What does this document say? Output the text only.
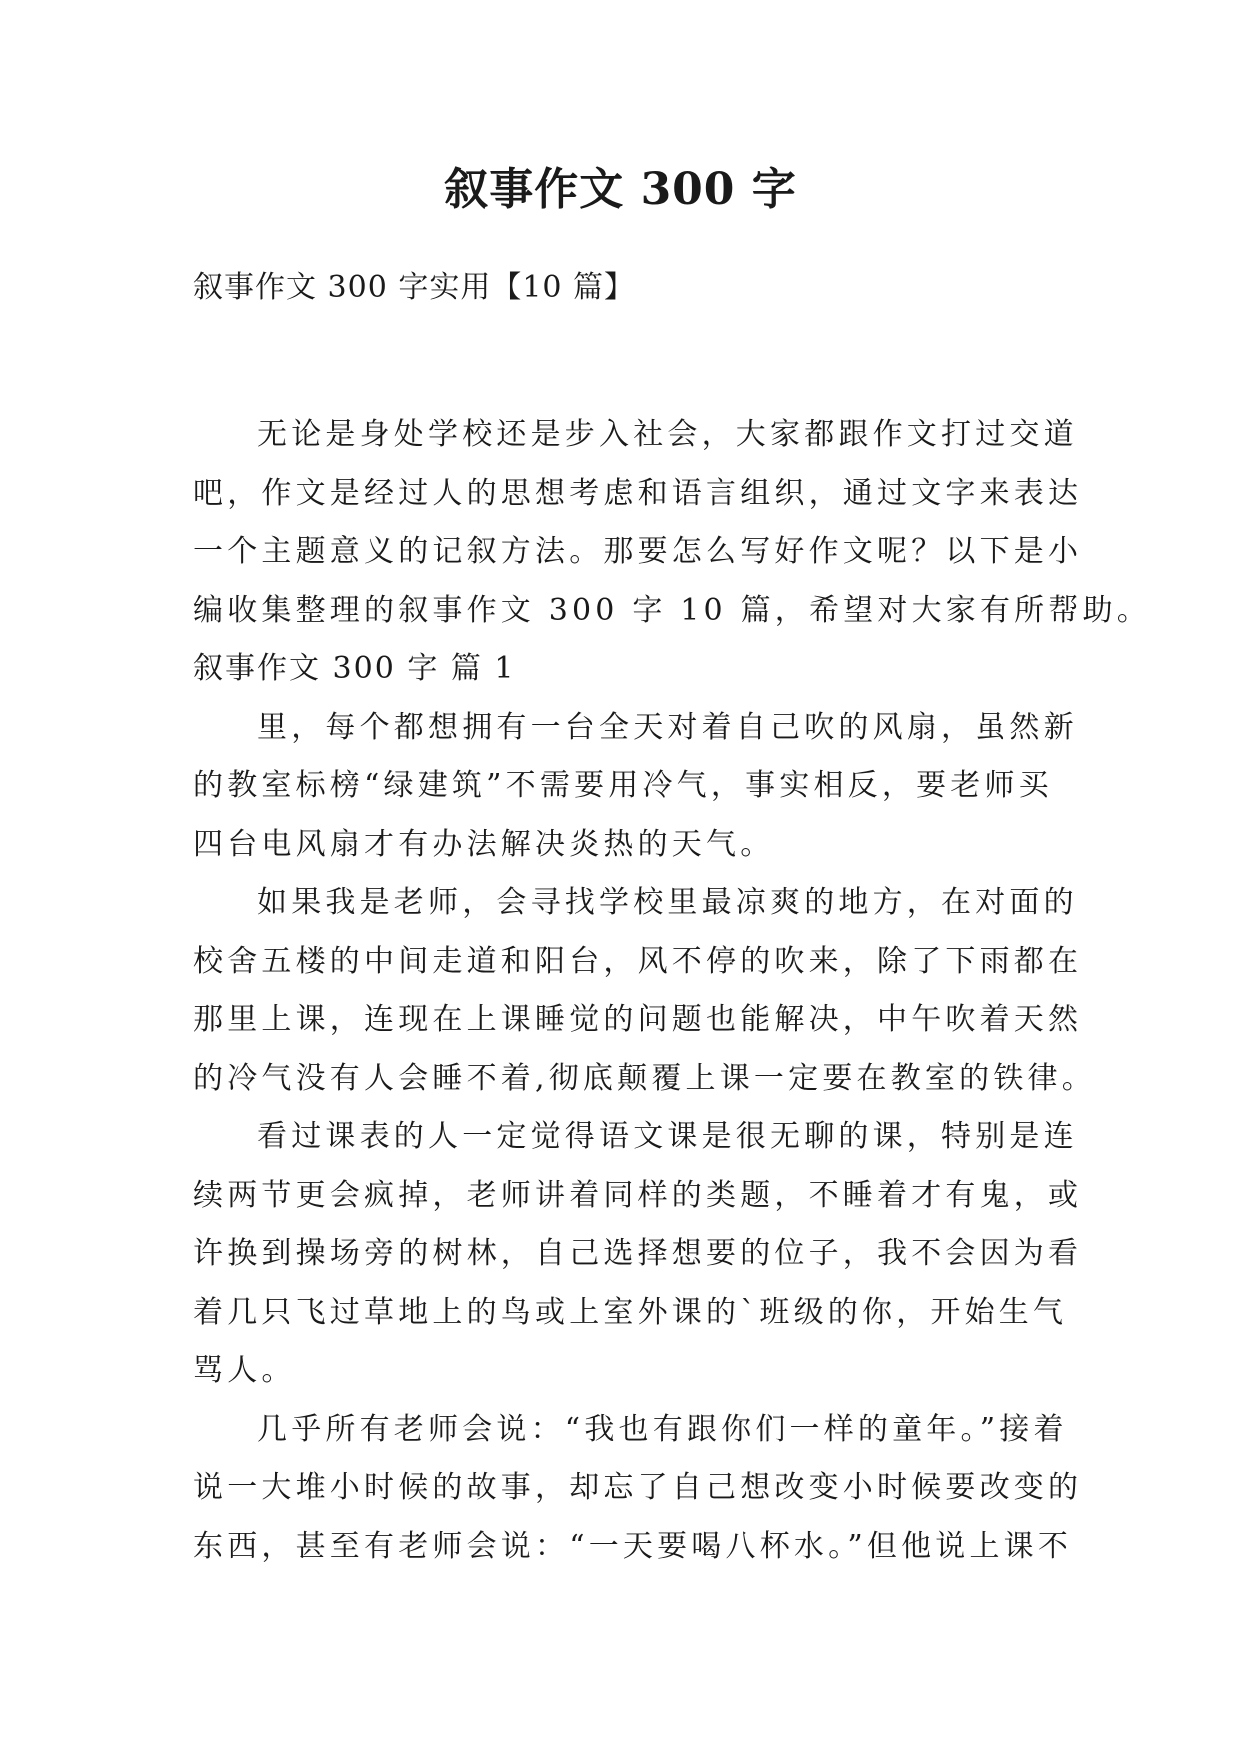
叙事作文 300 字

叙事作文 300 字实用【10 篇】

无论是身处学校还是步入社会，大家都跟作文打过交道

吧，作文是经过人的思想考虑和语言组织，通过文字来表达

一个主题意义的记叙方法。那要怎么写好作文呢？以下是小

编收集整理的叙事作文 300 字 10 篇，希望对大家有所帮助。

叙事作文 300 字 篇 1

里，每个都想拥有一台全天对着自己吹的风扇，虽然新

的教室标榜“绿建筑”不需要用冷气，事实相反，要老师买

四台电风扇才有办法解决炎热的天气。

如果我是老师，会寻找学校里最凉爽的地方，在对面的

校舍五楼的中间走道和阳台，风不停的吹来，除了下雨都在

那里上课，连现在上课睡觉的问题也能解决，中午吹着天然

的冷气没有人会睡不着,彻底颠覆上课一定要在教室的铁律。

看过课表的人一定觉得语文课是很无聊的课，特别是连

续两节更会疯掉，老师讲着同样的类题，不睡着才有鬼，或

许换到操场旁的树林，自己选择想要的位子，我不会因为看

着几只飞过草地上的鸟或上室外课的`班级的你，开始生气

骂人。

几乎所有老师会说：“我也有跟你们一样的童年。”接着

说一大堆小时候的故事，却忘了自己想改变小时候要改变的

东西，甚至有老师会说：“一天要喝八杯水。”但他说上课不
